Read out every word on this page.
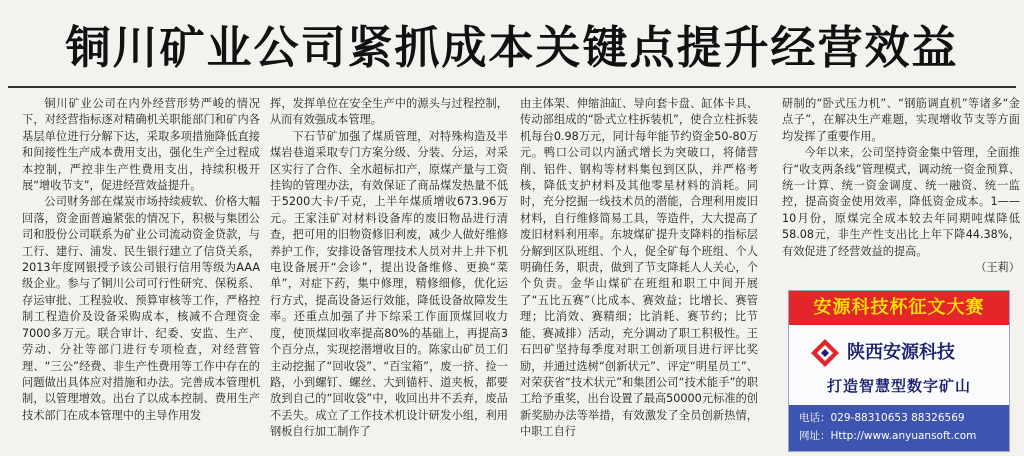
铜川矿业公司紧抓成本关键点提升经营效益

铜川矿业公司在内外经营形势严峻的情况下，对经营指标逐对精确机关职能部门和矿内各基层单位进行分解下达，采取多项措施降低直接和间接性生产成本费用支出，强化生产全过程成本控制，严控非生产性费用支出，持续积极开展“增收节支”，促进经营效益提升。

公司财务部在煤炭市场持续疲软、价格大幅回落，资金面普遍紧张的情况下，积极与集团公司和股份公司联系为矿业公司流动资金贷款，与工行、建行、浦发、民生银行建立了信贷关系，2013年度网银授予该公司银行信用等级为AAA级企业。参与了铜川公司可行性研究、保税系、存运审批、工程验收、预算审核等工作，严格控制工程造价及设备采购成本，核减不合理资金7000多万元。联合审计、纪委、安监、生产、劳动、分社等部门进行专项检查，对经营管理、“三公”经费、非生产性费用等工作中存在的问题做出具体应对措施和办法。完善成本管理机制，以管理增效。出台了以成本控制、费用生产技术部门在成本管理中的主导作用发

挥，发挥单位在安全生产中的源头与过程控制，从而有效强成本管理。

下石节矿加强了煤质管理，对特殊构造及半煤岩巷道采取专门方案分级、分装、分运，对采区实行了合作、全水超标扣产，原煤产量与工资挂钩的管理办法，有效保证了商品煤发热量不低于5200大卡/千克，上半年煤质增收673.96万元。王家洼矿对材料设备库的废旧物品进行清查，把可用的旧物资修旧利废，减少人做好维修养护工作，安排设备管理技术人员对井上井下机电设备展开“会诊”，提出设备维修、更换“菜单”，对症下药，集中修理，精修细修，优化运行方式，提高设备运行效能，降低设备故障发生率。还重点加强了井下综采工作面顶煤回收力度，使顶煤回收率提高80%的基础上，再提高3个百分点，实现挖潜增收目的。陈家山矿员工们主动挖掘了“回收袋”、“百宝箱”，废一挤、捡一路，小到螺钉、螺丝、大到锚杆、道夹板，都要放到自己的“回收袋”中，收回出井不丢弃，废品不丢失。成立了工作技术机设计研发小组，利用钢板自行加工制作了

由主体架、伸缩油缸、导向套卡盘、缸体卡具、传动部组成的“卧式立柱拆装机”，使合立柱拆装机每台0.98万元，同计每年能节约资金50-80万元。鸭口公司以内涵式增长为突破口，将储营削、铝件、钢构等材料集包到区队，并严格考核，降低支护材料及其他零星材料的消耗。同时，充分挖掘一线技术员的潜能，合理利用废旧材料，自行维修简易工具，等造件，大大提高了废旧材料利用率。东坡煤矿提升支降料的指标层分解到区队班组、个人，促全矿每个班组、个人明确任务，职责，做到了节支降耗人人关心，个个负责。金华山煤矿在班组和职工中间开展了“五比五赛”（比成本、赛效益；比增长、赛管理；比消效、赛精细；比消耗、赛节约；比节能、赛减排）活动，充分调动了职工积极性。王石凹矿坚持每季度对职工创新项目进行评比奖励，并通过选树“创新状元”、评定“明星员工”、对荣获省“技术状元”和集团公司“技术能手”的职工给予重奖，出台设置了最高50000元标准的创新奖励办法等举措，有效激发了全员创新热情，中职工自行

研制的“卧式压力机”、“钢筋调直机”等诸多“金点子”，在解决生产难题，实现增收节支等方面均发挥了重要作用。

今年以来，公司坚持资金集中管理，全面推行“收支两条线”管理模式，调动统一资金预算、统一计算、统一资金调度、统一融资、统一监控，提高资金使用效率，降低资金成本。1——10月份，原煤完全成本较去年同期吨煤降低58.08元，非生产性支出比上年下降44.38%，有效促进了经营效益的提高。

（王莉）

安源科技杯征文大赛
陕西安源科技
打造智慧型数字矿山
电话：029-88310653 88326569
网址：Http://www.anyuansoft.com
